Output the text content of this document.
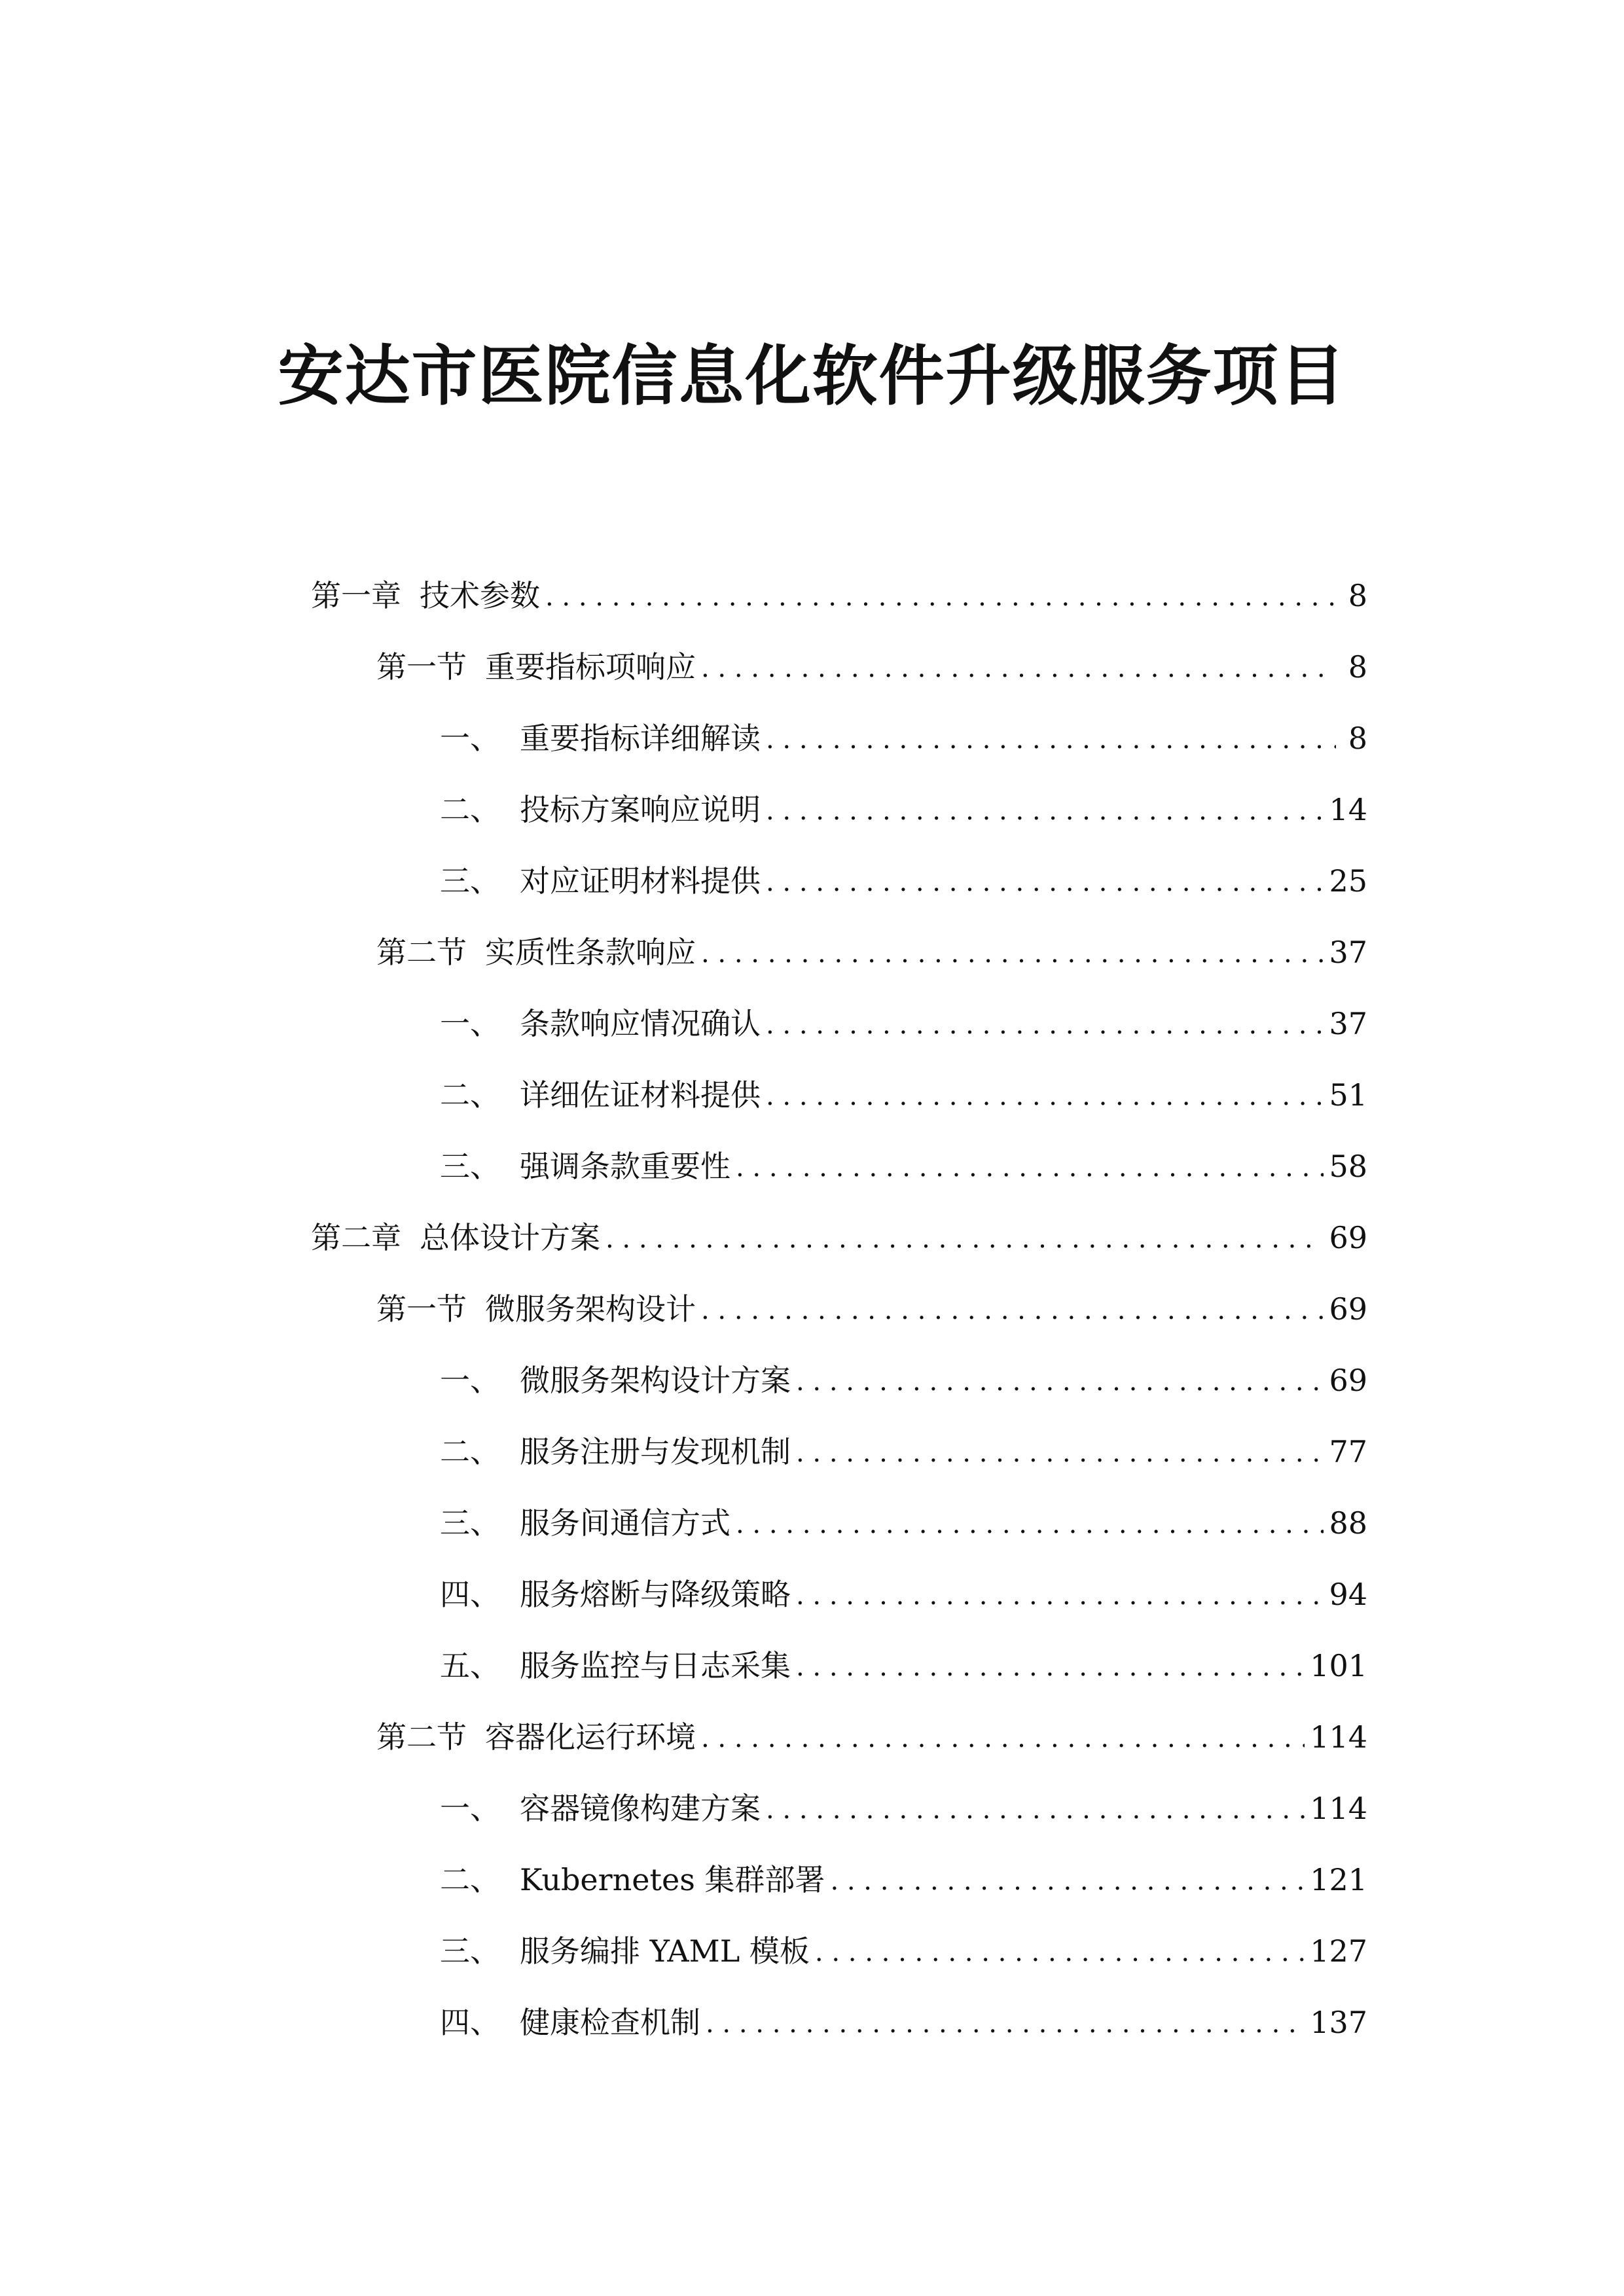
安达市医院信息化软件升级服务项目
第一章 技术参数 . . .	8
第一节 重要指标项响应 . . .	8
一、 重要指标详细解读 . . .	8
二、 投标方案响应说明 . . .	14
三、 对应证明材料提供 . . .	25
第二节 实质性条款响应 . . .	37
一、 条款响应情况确认 . . .	37
二、 详细佐证材料提供 . . .	51
三、 强调条款重要性 . . .	58
第二章 总体设计方案 . . .	69
第一节 微服务架构设计 . . .	69
一、 微服务架构设计方案 . . .	69
二、 服务注册与发现机制 . . .	77
三、 服务间通信方式 . . .	88
四、 服务熔断与降级策略 . . .	94
五、 服务监控与日志采集 . . .	101
第二节 容器化运行环境 . . .	114
一、 容器镜像构建方案 . . .	114
二、 Kubernetes 集群部署 . . .	121
三、 服务编排 YAML 模板 . . .	127
四、 健康检查机制 . . .	137
